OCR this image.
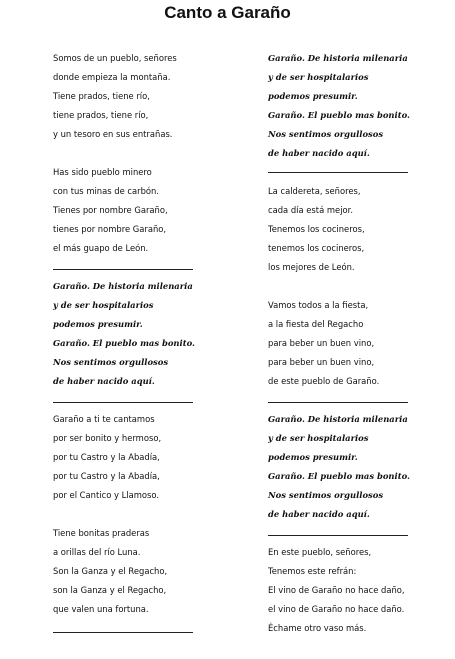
Canto a Garaño
Somos de un pueblo, señores
donde empieza la montaña.
Tiene prados, tiene río,
tiene prados, tiene río,
y un tesoro en sus entrañas.
Has sido pueblo minero
con tus minas de carbón.
Tienes por nombre Garaño,
tienes por nombre Garaño,
el más guapo de León.
Garaño. De historia milenaria
y de ser hospitalarios
podemos presumir.
Garaño. El pueblo mas bonito.
Nos sentimos orgullosos
de haber nacido aquí.
Garaño a ti te cantamos
por ser bonito y hermoso,
por tu Castro y la Abadía,
por tu Castro y la Abadía,
por el Cantico y Llamoso.
Tiene bonitas praderas
a orillas del río Luna.
Son la Ganza y el Regacho,
son la Ganza y el Regacho,
que valen una fortuna.
Garaño. De historia milenaria
y de ser hospitalarios
podemos presumir.
Garaño. El pueblo mas bonito.
Nos sentimos orgullosos
de haber nacido aquí.
La caldereta, señores,
cada día está mejor.
Tenemos los cocineros,
tenemos los cocineros,
los mejores de León.
Vamos todos a la fiesta,
a la fiesta del Regacho
para beber un buen vino,
para beber un buen vino,
de este pueblo de Garaño.
Garaño. De historia milenaria
y de ser hospitalarios
podemos presumir.
Garaño. El pueblo mas bonito.
Nos sentimos orgullosos
de haber nacido aquí.
En este pueblo, señores,
Tenemos este refrán:
El vino de Garaño no hace daño,
el vino de Garaño no hace daño.
Échame otro vaso más.
